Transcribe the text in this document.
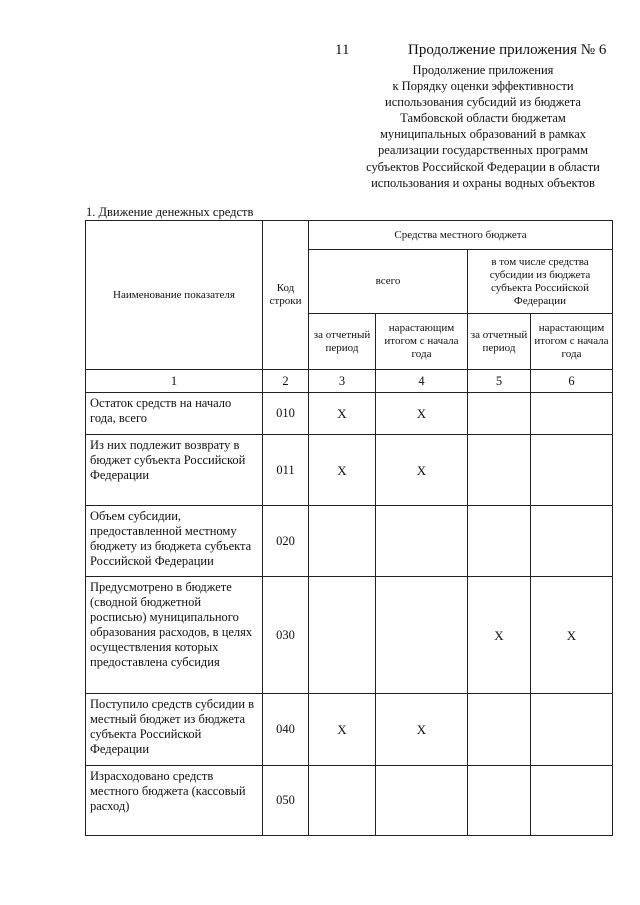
11	Продолжение приложения № 6
Продолжение приложения
к Порядку оценки эффективности
использования субсидий из бюджета
Тамбовской области бюджетам
муниципальных образований в рамках
реализации государственных программ
субъектов Российской Федерации в области
использования и охраны водных объектов
1. Движение денежных средств
Наименование показателя	Код строки	Средства местного бюджета			
		всего		в том числе средства субсидии из бюджета субъекта Российской Федерации	
		за отчетный период	нарастающим итогом с начала года	за отчетный период	нарастающим итогом с начала года
1	2	3	4	5	6
Остаток средств на начало года, всего	010	X	X		
Из них подлежит возврату в бюджет субъекта Российской Федерации	011	X	X		
Объем субсидии, предоставленной местному бюджету из бюджета субъекта Российской Федерации	020				
Предусмотрено в бюджете (сводной бюджетной росписью) муниципального образования расходов, в целях осуществления которых предоставлена субсидия	030			X	X
Поступило средств субсидии в местный бюджет из бюджета субъекта Российской Федерации	040	X	X		
Израсходовано средств местного бюджета (кассовый расход)	050				
